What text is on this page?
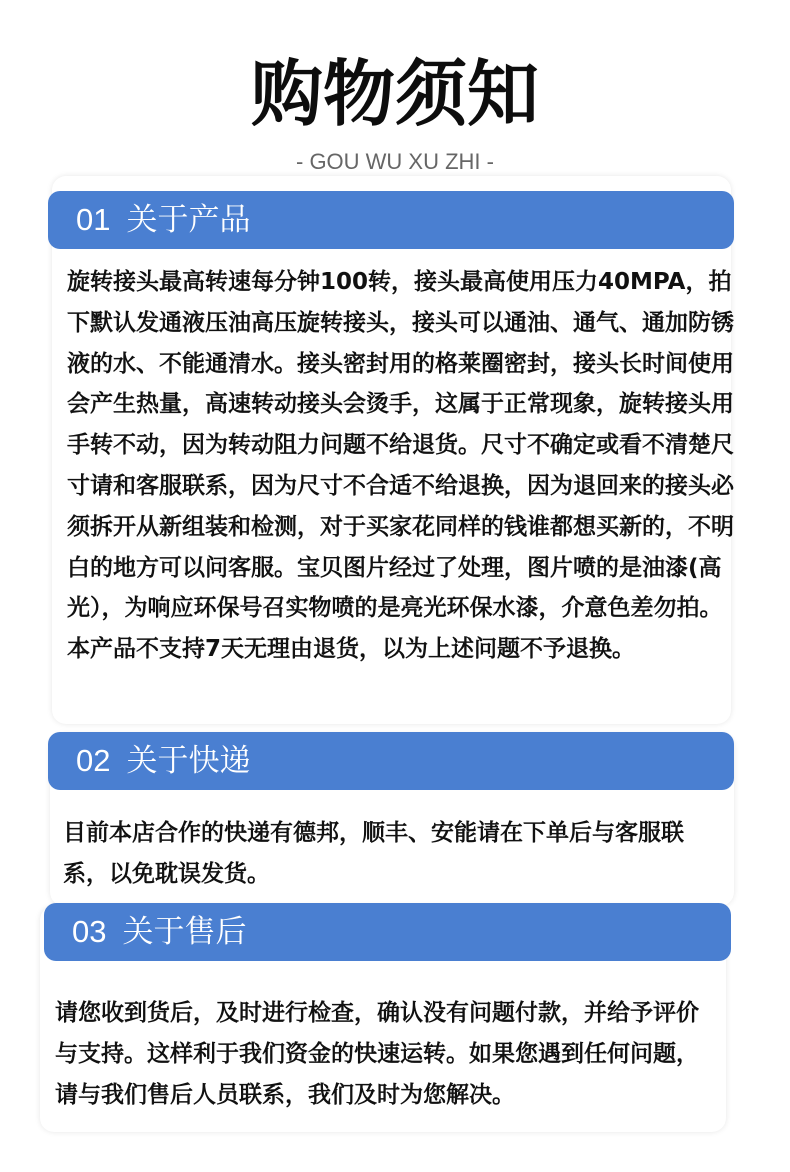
购物须知
- GOU WU XU ZHI -
01 关于产品
旋转接头最高转速每分钟100转，接头最高使用压力40MPA，拍下默认发通液压油高压旋转接头，接头可以通油、通气、通加防锈液的水、不能通清水。接头密封用的格莱圈密封，接头长时间使用会产生热量，高速转动接头会烫手，这属于正常现象，旋转接头用手转不动，因为转动阻力问题不给退货。尺寸不确定或看不清楚尺寸请和客服联系，因为尺寸不合适不给退换，因为退回来的接头必须拆开从新组装和检测，对于买家花同样的钱谁都想买新的，不明白的地方可以问客服。宝贝图片经过了处理，图片喷的是油漆(高光），为响应环保号召实物喷的是亮光环保水漆，介意色差勿拍。本产品不支持7天无理由退货，以为上述问题不予退换。
02 关于快递
目前本店合作的快递有德邦，顺丰、安能请在下单后与客服联系，以免耽误发货。
03 关于售后
请您收到货后，及时进行检查，确认没有问题付款，并给予评价与支持。这样利于我们资金的快速运转。如果您遇到任何问题，请与我们售后人员联系，我们及时为您解决。
